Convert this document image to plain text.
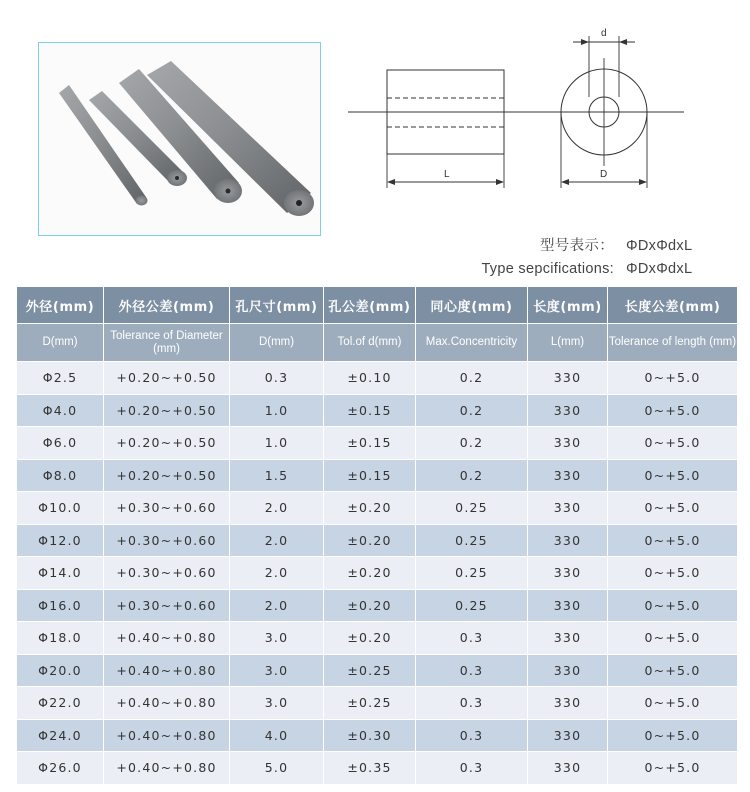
L
d
D
型号表示： ΦDxΦdxL
Type sepcifications: ΦDxΦdxL
外径(mm)	外径公差(mm)	孔尺寸(mm)	孔公差(mm)	同心度(mm)	长度(mm)	长度公差(mm)
D(mm)	Tolerance of Diameter (mm)	D(mm)	Tol.of d(mm)	Max.Concentricity	L(mm)	Tolerance of length (mm)
Φ2.5	+0.20~+0.50	0.3	±0.10	0.2	330	0~+5.0
Φ4.0	+0.20~+0.50	1.0	±0.15	0.2	330	0~+5.0
Φ6.0	+0.20~+0.50	1.0	±0.15	0.2	330	0~+5.0
Φ8.0	+0.20~+0.50	1.5	±0.15	0.2	330	0~+5.0
Φ10.0	+0.30~+0.60	2.0	±0.20	0.25	330	0~+5.0
Φ12.0	+0.30~+0.60	2.0	±0.20	0.25	330	0~+5.0
Φ14.0	+0.30~+0.60	2.0	±0.20	0.25	330	0~+5.0
Φ16.0	+0.30~+0.60	2.0	±0.20	0.25	330	0~+5.0
Φ18.0	+0.40~+0.80	3.0	±0.20	0.3	330	0~+5.0
Φ20.0	+0.40~+0.80	3.0	±0.25	0.3	330	0~+5.0
Φ22.0	+0.40~+0.80	3.0	±0.25	0.3	330	0~+5.0
Φ24.0	+0.40~+0.80	4.0	±0.30	0.3	330	0~+5.0
Φ26.0	+0.40~+0.80	5.0	±0.35	0.3	330	0~+5.0
